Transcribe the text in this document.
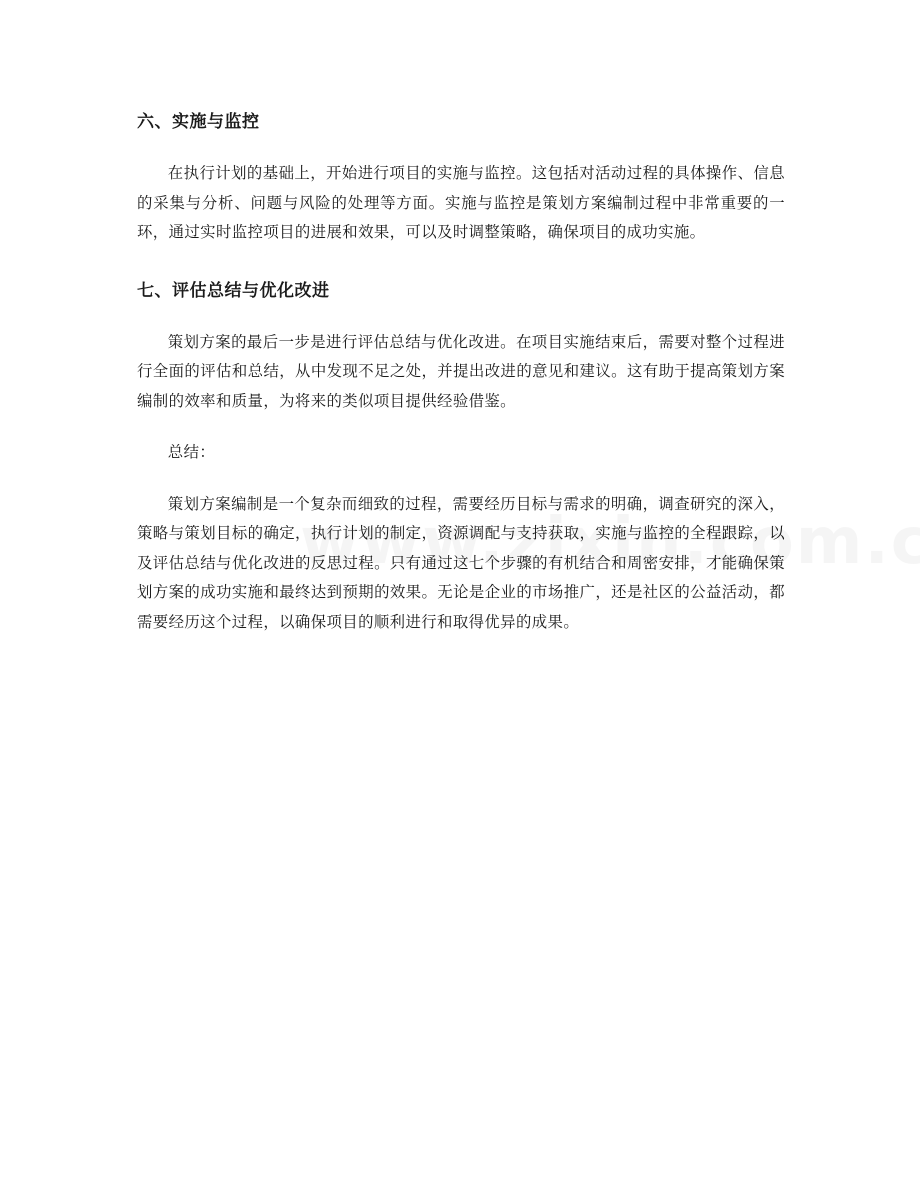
六、实施与监控

在执行计划的基础上，开始进行项目的实施与监控。这包括对活动过程的具体操作、信息的采集与分析、问题与风险的处理等方面。实施与监控是策划方案编制过程中非常重要的一环，通过实时监控项目的进展和效果，可以及时调整策略，确保项目的成功实施。

七、评估总结与优化改进

策划方案的最后一步是进行评估总结与优化改进。在项目实施结束后，需要对整个过程进行全面的评估和总结，从中发现不足之处，并提出改进的意见和建议。这有助于提高策划方案编制的效率和质量，为将来的类似项目提供经验借鉴。

总结：

策划方案编制是一个复杂而细致的过程，需要经历目标与需求的明确，调查研究的深入，策略与策划目标的确定，执行计划的制定，资源调配与支持获取，实施与监控的全程跟踪，以及评估总结与优化改进的反思过程。只有通过这七个步骤的有机结合和周密安排，才能确保策划方案的成功实施和最终达到预期的效果。无论是企业的市场推广，还是社区的公益活动，都需要经历这个过程，以确保项目的顺利进行和取得优异的成果。
